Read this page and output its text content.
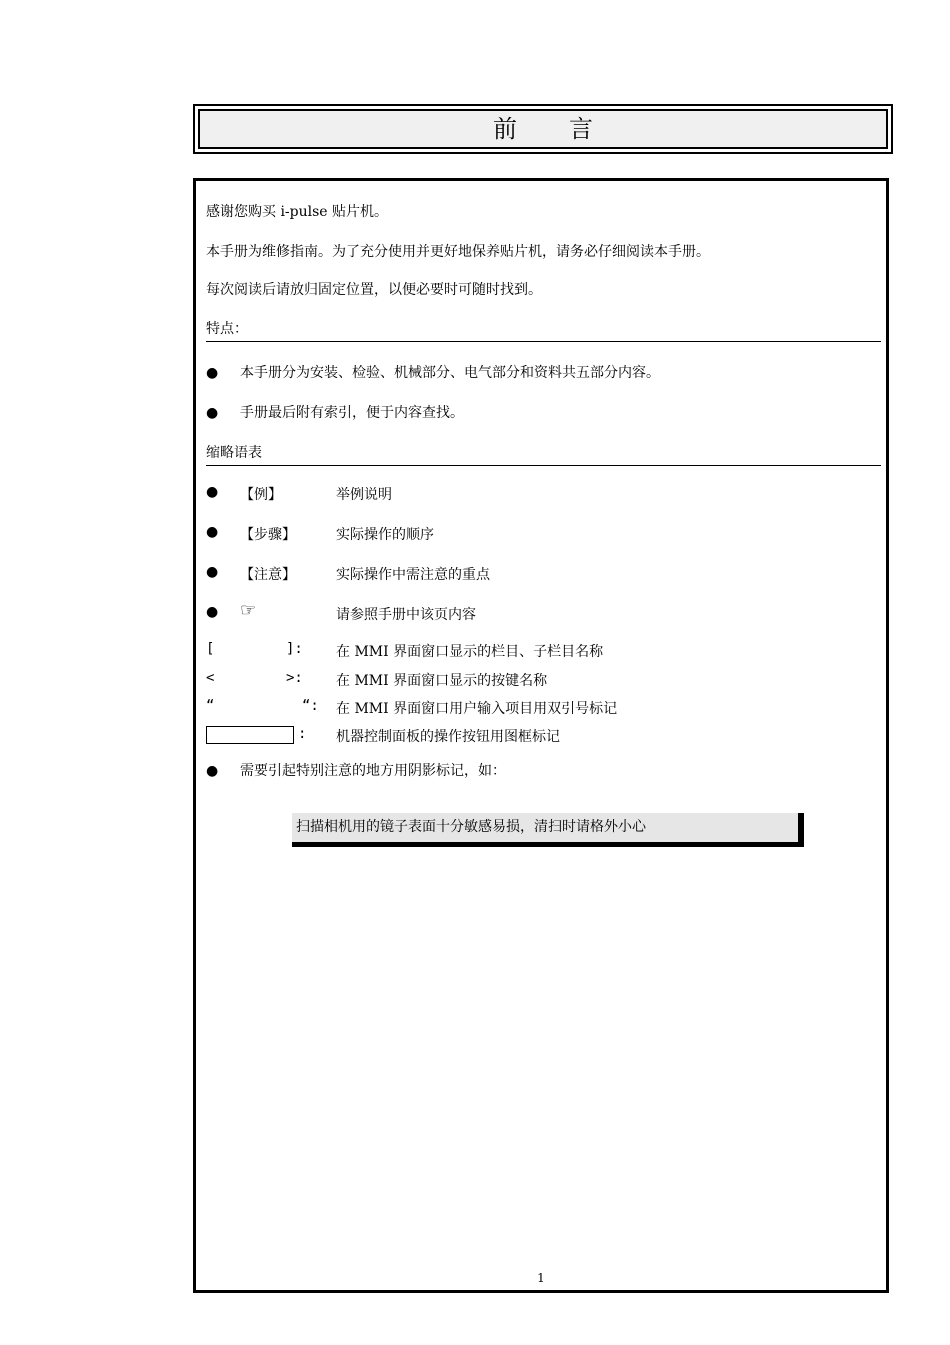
前言
感谢您购买 i-pulse 贴片机。
本手册为维修指南。为了充分使用并更好地保养贴片机，请务必仔细阅读本手册。
每次阅读后请放归固定位置，以便必要时可随时找到。
特点：
● 本手册分为安装、检验、机械部分、电气部分和资料共五部分内容。
● 手册最后附有索引，便于内容查找。
缩略语表
● 【例】	举例说明
● 【步骤】	实际操作的顺序
● 【注意】	实际操作中需注意的重点
● ☞	请参照手册中该页内容
[	]: 在 MMI 界面窗口显示的栏目、子栏目名称
<	>: 在 MMI 界面窗口显示的按键名称
“	“: 在 MMI 界面窗口用户输入项目用双引号标记
: 机器控制面板的操作按钮用图框标记
● 需要引起特别注意的地方用阴影标记，如：
扫描相机用的镜子表面十分敏感易损，清扫时请格外小心
1
